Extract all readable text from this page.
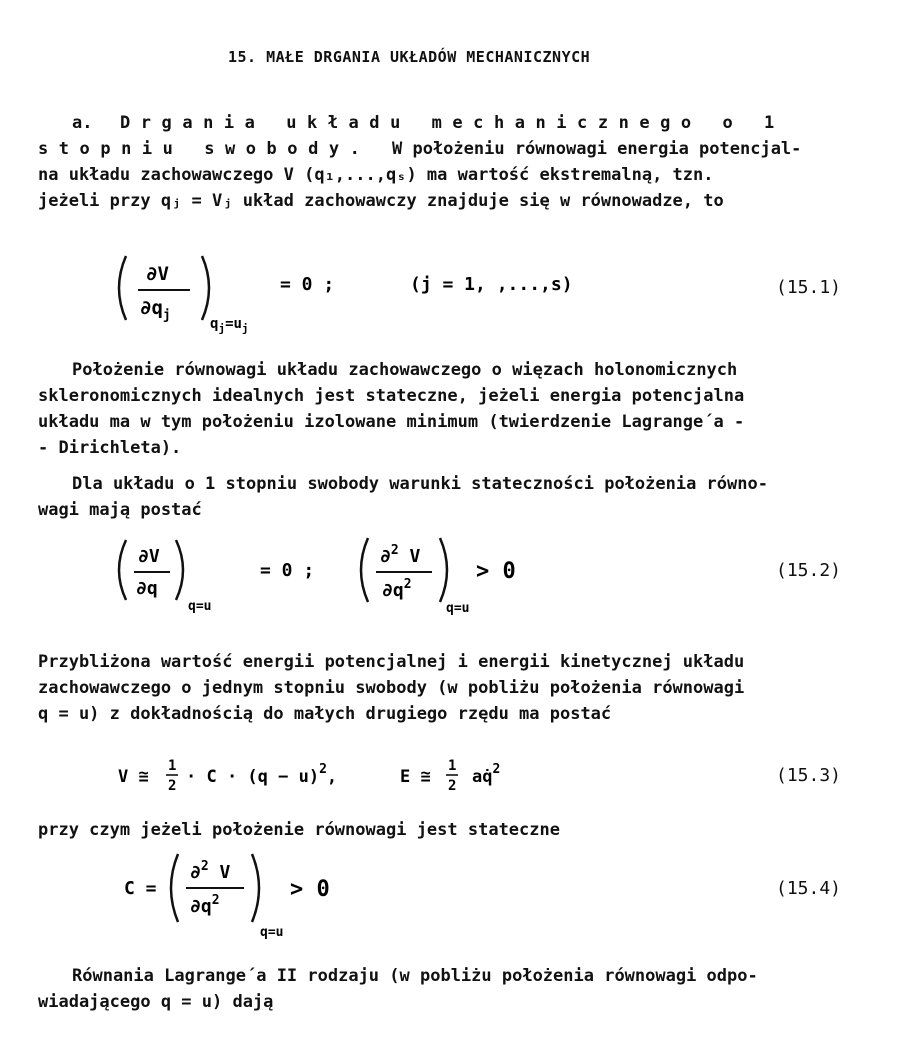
15. MAŁE DRGANIA UKŁADÓW MECHANICZNYCH
a. Drgania układu mechanicznego o 1
stopniu swobody. W położeniu równowagi energia potencjal-
na układu zachowawczego V (q₁,...,qₛ) ma wartość ekstremalną, tzn.
jeżeli przy qⱼ = Vⱼ układ zachowawczy znajduje się w równowadze, to
∂V
$\partial q_j$
$q_j=u_j$
= 0 ;	(j = 1, ,...,s)	(15.1)
Położenie równowagi układu zachowawczego o więzach holonomicznych
skleronomicznych idealnych jest stateczne, jeżeli energia potencjalna
układu ma w tym położeniu izolowane minimum (twierdzenie Lagrange´a -
- Dirichleta).
Dla układu o 1 stopniu swobody warunki stateczności położenia równo-
wagi mają postać
∂V
∂q
q=u
= 0 ;
∂$^2$ V
$\partial q^2$
q=u
> 0	(15.2)
Przybliżona wartość energii potencjalnej i energii kinetycznej układu
zachowawczego o jednym stopniu swobody (w pobliżu położenia równowagi
q = u) z dokładnością do małych drugiego rzędu ma postać
V ≅
1
$2 \cdot C \cdot (q - u)^2$,	E ≅
1
2 aq̇$^2$	(15.3)
przy czym jeżeli położenie równowagi jest stateczne
C =
∂$^2$ V
$\partial q^2$
q=u
> 0	(15.4)
Równania Lagrange´a II rodzaju (w pobliżu położenia równowagi odpo-
wiadającego q = u) dają
